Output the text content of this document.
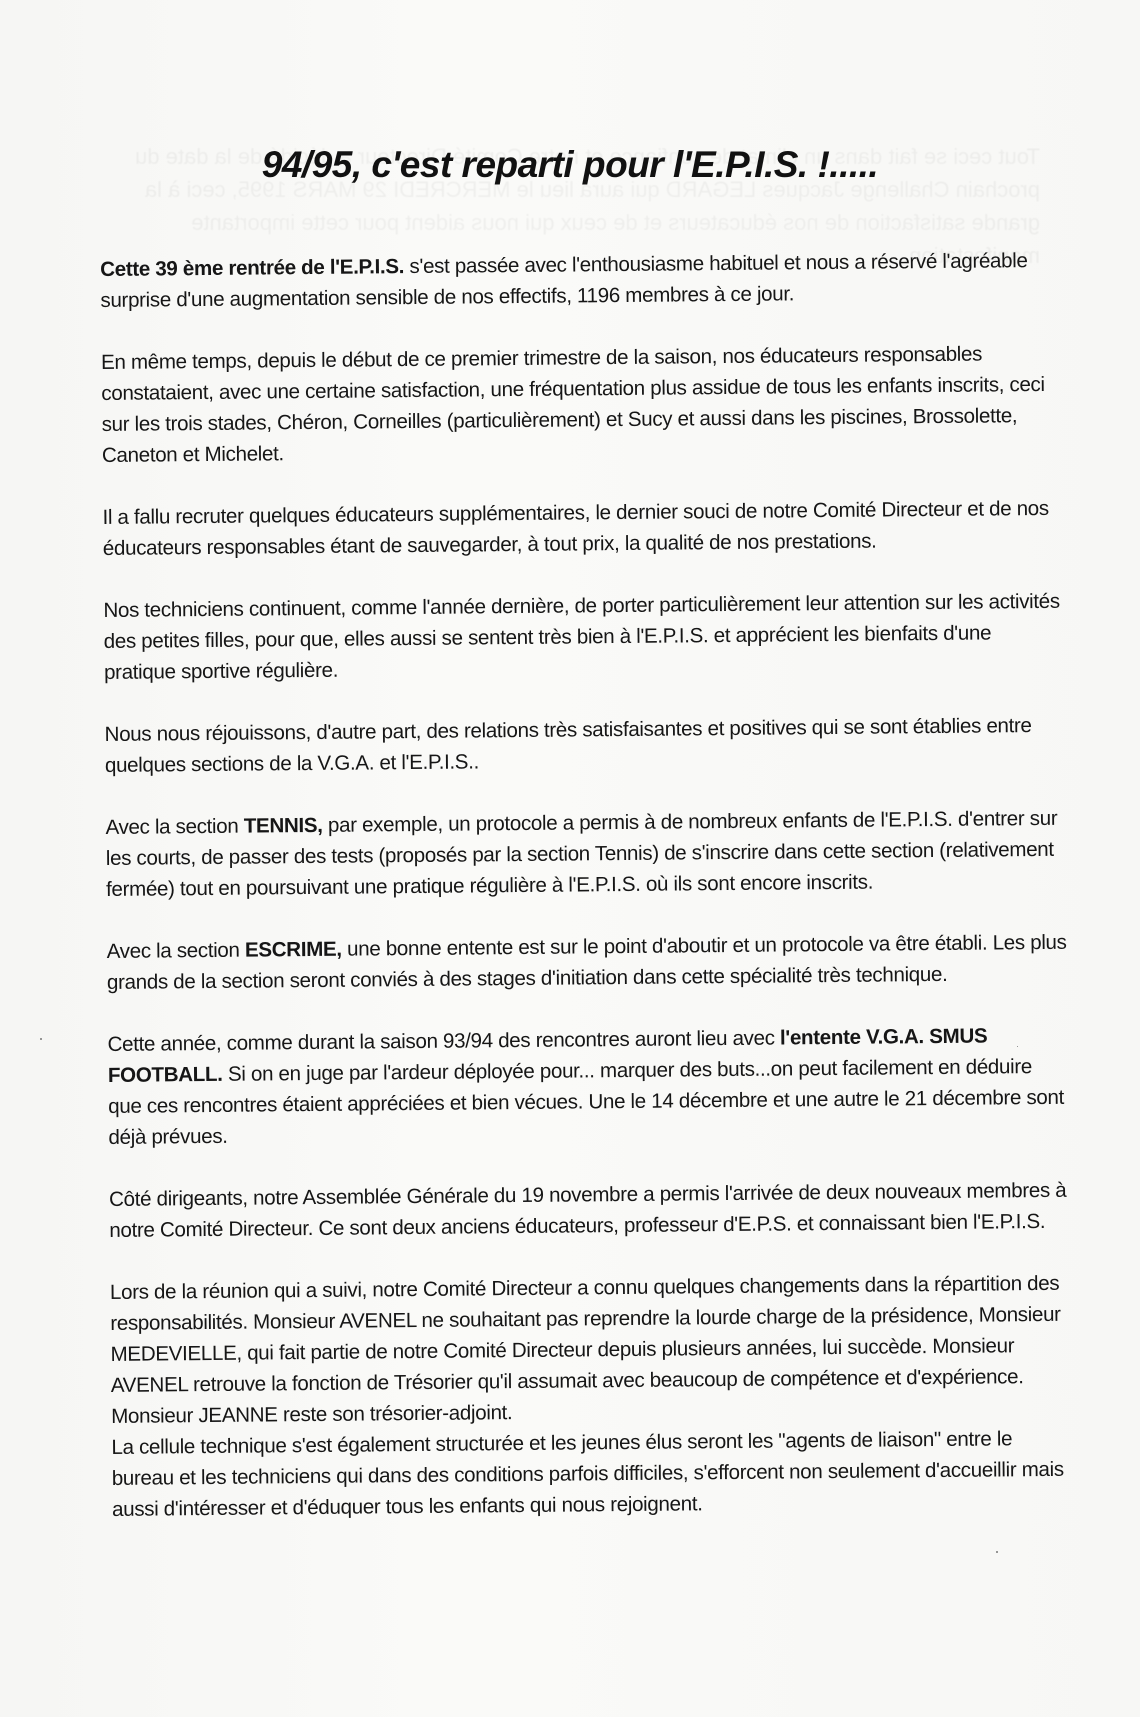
94/95, c'est reparti pour l'E.P.I.S. !.....

Cette 39 ème rentrée de l'E.P.I.S. s'est passée avec l'enthousiasme habituel et nous a réservé l'agréable surprise d'une augmentation sensible de nos effectifs, 1196 membres à ce jour.

En même temps, depuis le début de ce premier trimestre de la saison, nos éducateurs responsables constataient, avec une certaine satisfaction, une fréquentation plus assidue de tous les enfants inscrits, ceci sur les trois stades, Chéron, Corneilles (particulièrement) et Sucy et aussi dans les piscines, Brossolette, Caneton et Michelet.

Il a fallu recruter quelques éducateurs supplémentaires, le dernier souci de notre Comité Directeur et de nos éducateurs responsables étant de sauvegarder, à tout prix, la qualité de nos prestations.

Nos techniciens continuent, comme l'année dernière, de porter particulièrement leur attention sur les activités des petites filles, pour que, elles aussi se sentent très bien à l'E.P.I.S. et apprécient les bienfaits d'une pratique sportive régulière.

Nous nous réjouissons, d'autre part, des relations très satisfaisantes et positives qui se sont établies entre quelques sections de la V.G.A. et l'E.P.I.S..

Avec la section TENNIS, par exemple, un protocole a permis à de nombreux enfants de l'E.P.I.S. d'entrer sur les courts, de passer des tests (proposés par la section Tennis) de s'inscrire dans cette section (relativement fermée) tout en poursuivant une pratique régulière à l'E.P.I.S. où ils sont encore inscrits.

Avec la section ESCRIME, une bonne entente est sur le point d'aboutir et un protocole va être établi. Les plus grands de la section seront conviés à des stages d'initiation dans cette spécialité très technique.

Cette année, comme durant la saison 93/94 des rencontres auront lieu avec l'entente V.G.A. SMUS FOOTBALL. Si on en juge par l'ardeur déployée pour... marquer des buts...on peut facilement en déduire que ces rencontres étaient appréciées et bien vécues. Une le 14 décembre et une autre le 21 décembre sont déjà prévues.

Côté dirigeants, notre Assemblée Générale du 19 novembre a permis l'arrivée de deux nouveaux membres à notre Comité Directeur. Ce sont deux anciens éducateurs, professeur d'E.P.S. et connaissant bien l'E.P.I.S.

Lors de la réunion qui a suivi, notre Comité Directeur a connu quelques changements dans la répartition des responsabilités. Monsieur AVENEL ne souhaitant pas reprendre la lourde charge de la présidence, Monsieur MEDEVIELLE, qui fait partie de notre Comité Directeur depuis plusieurs années, lui succède. Monsieur AVENEL retrouve la fonction de Trésorier qu'il assumait avec beaucoup de compétence et d'expérience. Monsieur JEANNE reste son trésorier-adjoint.

La cellule technique s'est également structurée et les jeunes élus seront les "agents de liaison" entre le bureau et les techniciens qui dans des conditions parfois difficiles, s'efforcent non seulement d'accueillir mais aussi d'intéresser et d'éduquer tous les enfants qui nous rejoignent.
